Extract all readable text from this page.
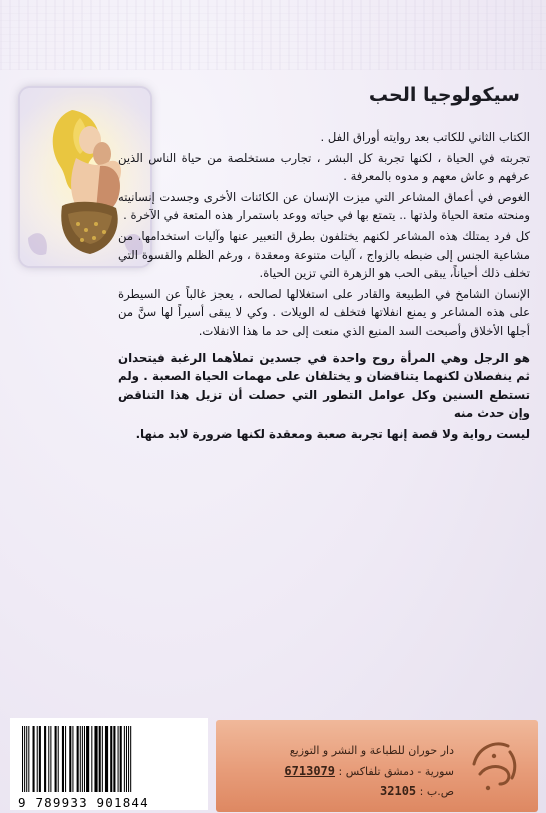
سيكولوجيا الحب

الكتاب الثاني للكاتب بعد روايته أوراق الفل .

تجربته في الحياة ، لكنها تجربة كل البشر ، تجارب مستخلصة من حياة الناس الذين عرفهم و عاش معهم و مدوه بالمعرفة .

الغوص في أعماق المشاعر التي ميزت الإنسان عن الكائنات الأخرى وجسدت إنسانيته ومنحته متعة الحياة ولذتها .. يتمتع بها في حياته ووعد باستمرار هذه المتعة في الآخرة .

كل فرد يمتلك هذه المشاعر لكنهم يختلفون بطرق التعبير عنها وآليات استخدامها. من مشاعية الجنس إلى ضبطه بالزواج ، آليات متنوعة ومعقدة ، ورغم الظلم والقسوة التي تخلف ذلك أحياناً، يبقى الحب هو الزهرة التي تزين الحياة.

الإنسان الشامخ في الطبيعة والقادر على استغلالها لصالحه ، يعجز غالباً عن السيطرة على هذه المشاعر و يمنع انفلاتها فتخلف له الويلات . وكي لا يبقى أسيراً لها سنَّ من أجلها الأخلاق وأصبحت السد المنيع الذي منعت إلى حد ما هذا الانفلات.

هو الرجل وهي المرأة روح واحدة في جسدين تملأهما الرغبة فيتحدان ثم ينفصلان لكنهما يتناقضان و يختلفان على مهمات الحياة الصعبة . ولم تستطع السنين وكل عوامل التطور التي حصلت أن تزيل هذا التناقض وإن حدث منه

ليست رواية ولا قصة إنها تجربة صعبة ومعقدة لكنها ضرورة لابد منها.

9 789933 901844
دار حوران للطباعة و النشر و التوزيع
سورية - دمشق تلفاكس : 6713079
ص.ب : 32105
